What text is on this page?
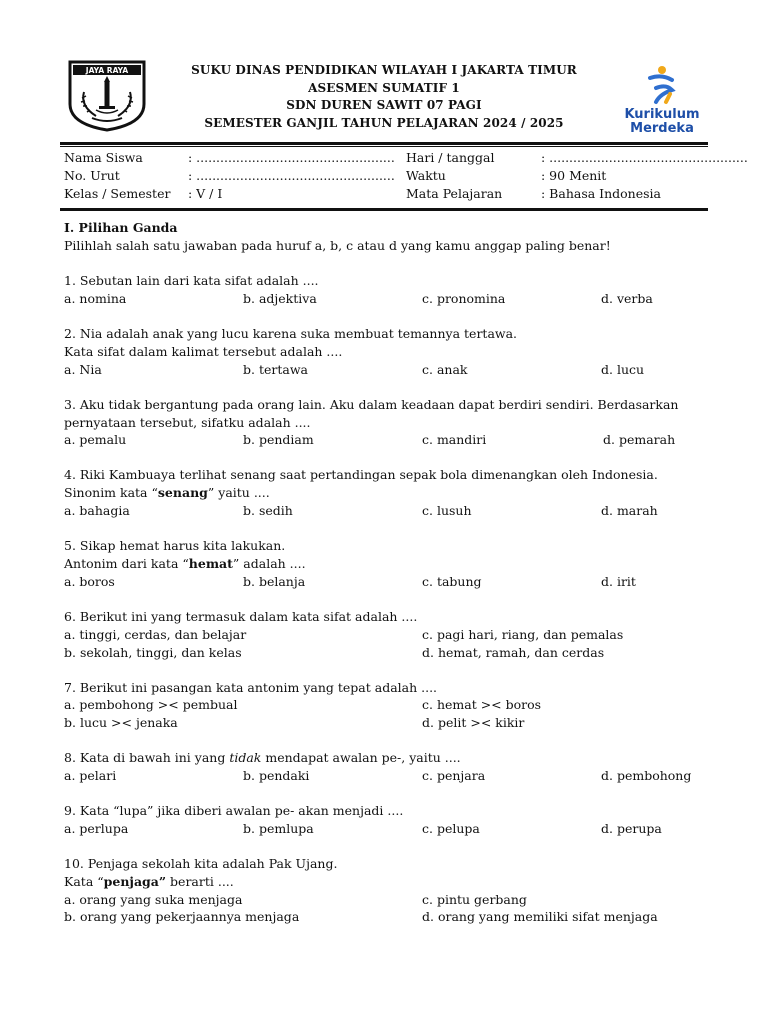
JAYA RAYA	SUKU DINAS PENDIDIKAN WILAYAH I JAKARTA TIMUR
ASESMEN SUMATIF 1
SDN DUREN SAWIT 07 PAGI
SEMESTER GANJIL TAHUN PELAJARAN 2024 / 2025
Kurikulum
Merdeka
Nama Siswa	: .................................................. Hari / tanggal	: ..................................................
No. Urut	: .................................................. Waktu	: 90 Menit
Kelas / Semester : V / I	Mata Pelajaran	: Bahasa Indonesia
I. Pilihan Ganda
Pilihlah salah satu jawaban pada huruf a, b, c atau d yang kamu anggap paling benar!
1. Sebutan lain dari kata sifat adalah ....
a. nomina	b. adjektiva	c. pronomina	d. verba
2. Nia adalah anak yang lucu karena suka membuat temannya tertawa.
Kata sifat dalam kalimat tersebut adalah ....
a. Nia	b. tertawa	c. anak	d. lucu
3. Aku tidak bergantung pada orang lain. Aku dalam keadaan dapat berdiri sendiri. Berdasarkan
pernyataan tersebut, sifatku adalah ....
a. pemalu	b. pendiam	c. mandiri	d. pemarah
4. Riki Kambuaya terlihat senang saat pertandingan sepak bola dimenangkan oleh Indonesia.
Sinonim kata “senang” yaitu ....
a. bahagia	b. sedih	c. lusuh	d. marah
5. Sikap hemat harus kita lakukan.
Antonim dari kata “hemat” adalah ....
a. boros	b. belanja	c. tabung	d. irit
6. Berikut ini yang termasuk dalam kata sifat adalah ....
a. tinggi, cerdas, dan belajar	c. pagi hari, riang, dan pemalas
b. sekolah, tinggi, dan kelas	d. hemat, ramah, dan cerdas
7. Berikut ini pasangan kata antonim yang tepat adalah ....
a. pembohong >< pembual	c. hemat >< boros
b. lucu >< jenaka	d. pelit >< kikir
8. Kata di bawah ini yang tidak mendapat awalan pe-, yaitu ....
a. pelari	b. pendaki	c. penjara	d. pembohong
9. Kata “lupa” jika diberi awalan pe- akan menjadi ....
a. perlupa	b. pemlupa	c. pelupa	d. perupa
10. Penjaga sekolah kita adalah Pak Ujang.
Kata “penjaga” berarti ....
a. orang yang suka menjaga	c. pintu gerbang
b. orang yang pekerjaannya menjaga	d. orang yang memiliki sifat menjaga
